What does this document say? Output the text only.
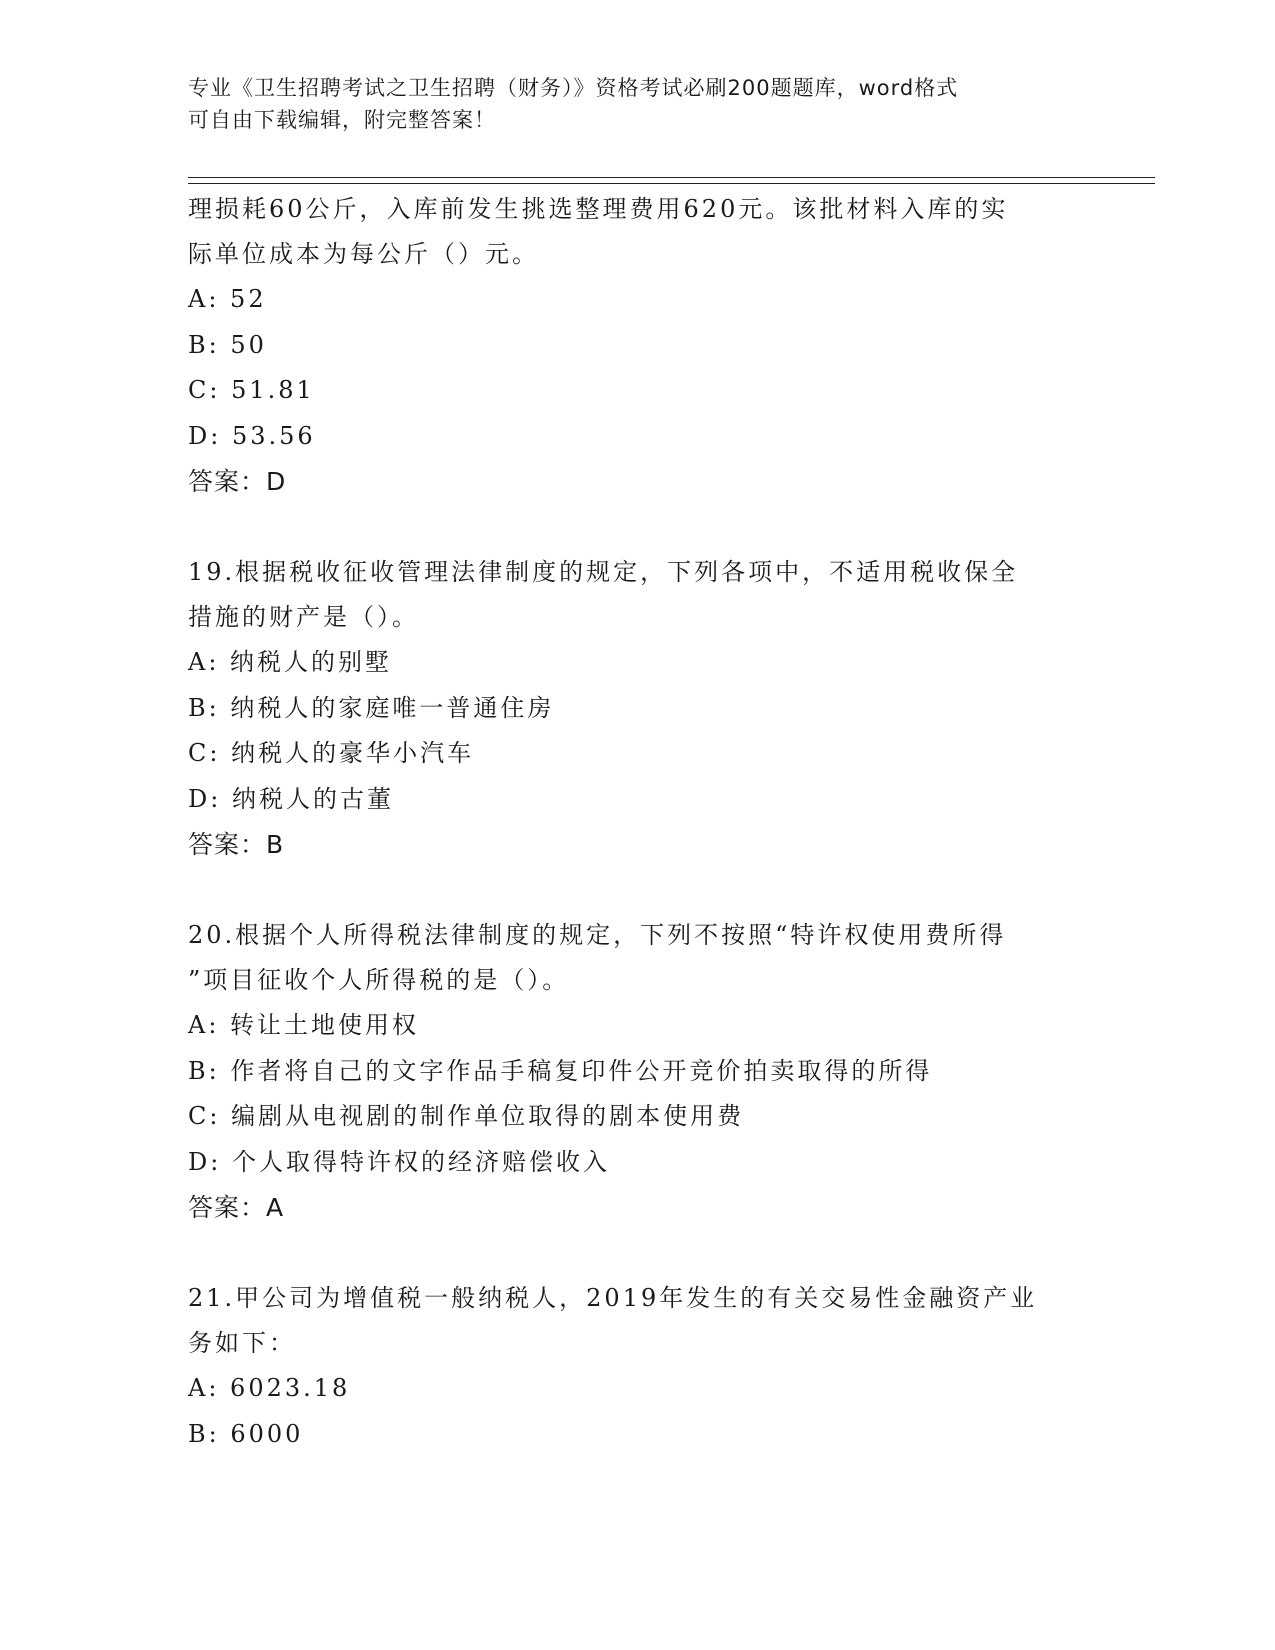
专业《卫生招聘考试之卫生招聘（财务）》资格考试必刷200题题库，word格式
可自由下载编辑，附完整答案！
理损耗60公斤，入库前发生挑选整理费用620元。该批材料入库的实
际单位成本为每公斤（）元。
A: 52
B: 50
C: 51.81
D: 53.56
答案：D
19.根据税收征收管理法律制度的规定，下列各项中，不适用税收保全
措施的财产是（）。
A: 纳税人的别墅
B: 纳税人的家庭唯一普通住房
C: 纳税人的豪华小汽车
D: 纳税人的古董
答案：B
20.根据个人所得税法律制度的规定，下列不按照“特许权使用费所得
”项目征收个人所得税的是（）。
A: 转让土地使用权
B: 作者将自己的文字作品手稿复印件公开竞价拍卖取得的所得
C: 编剧从电视剧的制作单位取得的剧本使用费
D: 个人取得特许权的经济赔偿收入
答案：A
21.甲公司为增值税一般纳税人，2019年发生的有关交易性金融资产业
务如下：
A: 6023.18
B: 6000
